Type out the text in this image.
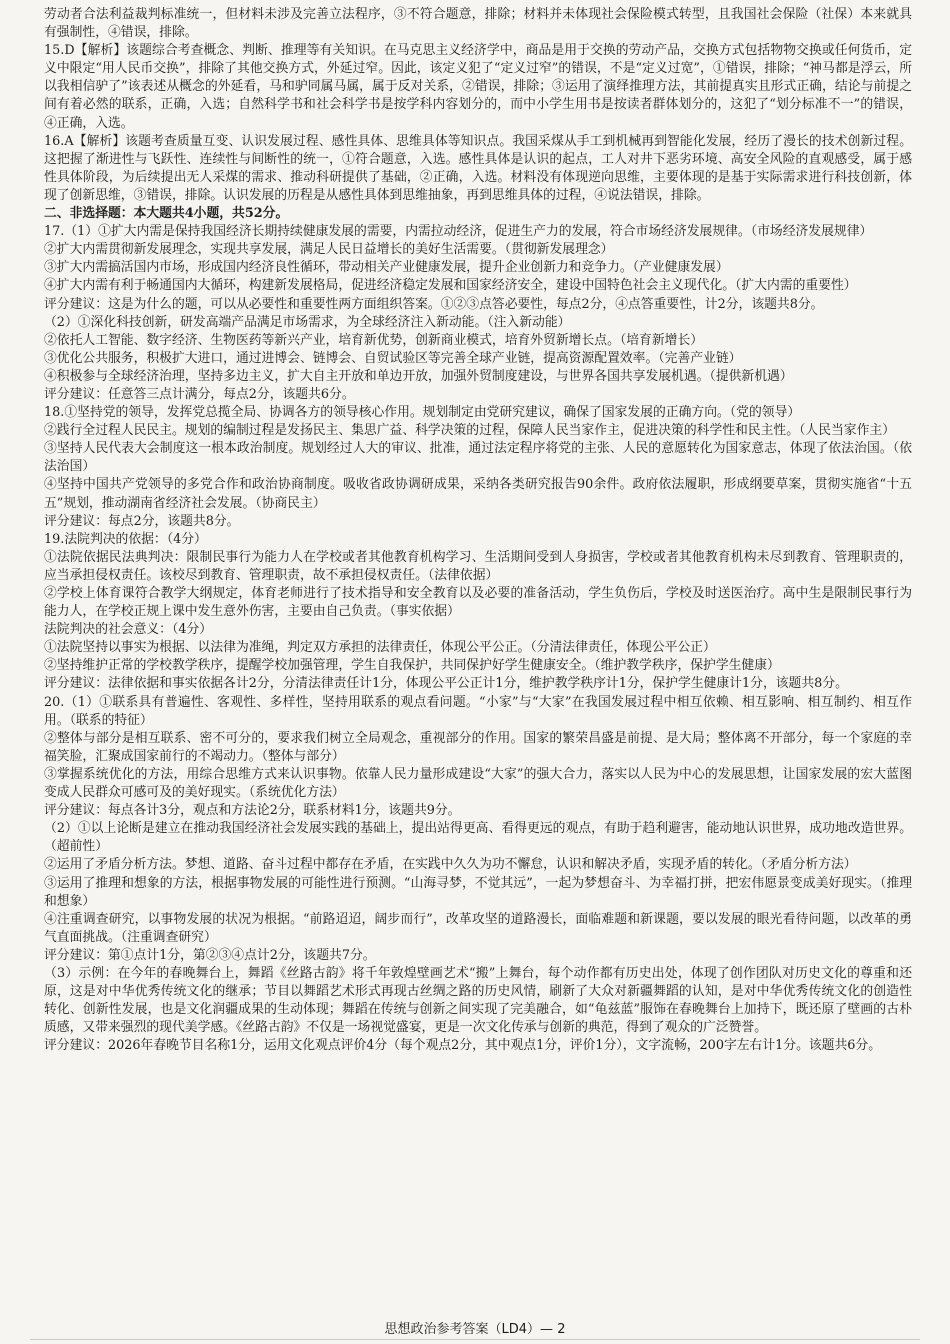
劳动者合法利益裁判标准统一，但材料未涉及完善立法程序，③不符合题意，排除；材料并未体现社会保险模式转型，且我国社会保险（社保）本来就具有强制性，④错误，排除。

15.D【解析】该题综合考查概念、判断、推理等有关知识。在马克思主义经济学中，商品是用于交换的劳动产品，交换方式包括物物交换或任何货币，定义中限定“用人民币交换”，排除了其他交换方式，外延过窄。因此，该定义犯了“定义过窄”的错误，不是“定义过宽”，①错误，排除；“神马都是浮云，所以我相信驴了”该表述从概念的外延看，马和驴同属马属，属于反对关系，②错误，排除；③运用了演绎推理方法，其前提真实且形式正确，结论与前提之间有着必然的联系，正确，入选；自然科学书和社会科学书是按学科内容划分的，而中小学生用书是按读者群体划分的，这犯了“划分标准不一”的错误，④正确，入选。

16.A【解析】该题考查质量互变、认识发展过程、感性具体、思维具体等知识点。我国采煤从手工到机械再到智能化发展，经历了漫长的技术创新过程。这把握了渐进性与飞跃性、连续性与间断性的统一，①符合题意，入选。感性具体是认识的起点，工人对井下恶劣环境、高安全风险的直观感受，属于感性具体阶段，为后续提出无人采煤的需求、推动科研提供了基础，②正确，入选。材料没有体现逆向思维，主要体现的是基于实际需求进行科技创新，体现了创新思维，③错误，排除。认识发展的历程是从感性具体到思维抽象，再到思维具体的过程，④说法错误，排除。

二、非选择题：本大题共4小题，共52分。

17.（1）①扩大内需是保持我国经济长期持续健康发展的需要，内需拉动经济，促进生产力的发展，符合市场经济发展规律。（市场经济发展规律）

②扩大内需贯彻新发展理念，实现共享发展，满足人民日益增长的美好生活需要。（贯彻新发展理念）

③扩大内需搞活国内市场，形成国内经济良性循环，带动相关产业健康发展，提升企业创新力和竞争力。（产业健康发展）

④扩大内需有利于畅通国内大循环，构建新发展格局，促进经济稳定发展和国家经济安全，建设中国特色社会主义现代化。（扩大内需的重要性）

评分建议：这是为什么的题，可以从必要性和重要性两方面组织答案。①②③点答必要性，每点2分，④点答重要性，计2分，该题共8分。

（2）①深化科技创新，研发高端产品满足市场需求，为全球经济注入新动能。（注入新动能）

②依托人工智能、数字经济、生物医药等新兴产业，培育新优势，创新商业模式，培育外贸新增长点。（培育新增长）

③优化公共服务，积极扩大进口，通过进博会、链博会、自贸试验区等完善全球产业链，提高资源配置效率。（完善产业链）

④积极参与全球经济治理，坚持多边主义，扩大自主开放和单边开放，加强外贸制度建设，与世界各国共享发展机遇。（提供新机遇）

评分建议：任意答三点计满分，每点2分，该题共6分。

18.①坚持党的领导，发挥党总揽全局、协调各方的领导核心作用。规划制定由党研究建议，确保了国家发展的正确方向。（党的领导）

②践行全过程人民民主。规划的编制过程是发扬民主、集思广益、科学决策的过程，保障人民当家作主，促进决策的科学性和民主性。（人民当家作主）

③坚持人民代表大会制度这一根本政治制度。规划经过人大的审议、批准，通过法定程序将党的主张、人民的意愿转化为国家意志，体现了依法治国。（依法治国）

④坚持中国共产党领导的多党合作和政治协商制度。吸收省政协调研成果，采纳各类研究报告90余件。政府依法履职，形成纲要草案，贯彻实施省“十五五”规划，推动湖南省经济社会发展。（协商民主）

评分建议：每点2分，该题共8分。

19.法院判决的依据：（4分）

①法院依据民法典判决：限制民事行为能力人在学校或者其他教育机构学习、生活期间受到人身损害，学校或者其他教育机构未尽到教育、管理职责的，应当承担侵权责任。该校尽到教育、管理职责，故不承担侵权责任。（法律依据）

②学校上体育课符合教学大纲规定，体育老师进行了技术指导和安全教育以及必要的准备活动，学生负伤后，学校及时送医治疗。高中生是限制民事行为能力人，在学校正规上课中发生意外伤害，主要由自己负责。（事实依据）

法院判决的社会意义：（4分）

①法院坚持以事实为根据、以法律为准绳，判定双方承担的法律责任，体现公平公正。（分清法律责任，体现公平公正）

②坚持维护正常的学校教学秩序，提醒学校加强管理，学生自我保护，共同保护好学生健康安全。（维护教学秩序，保护学生健康）

评分建议：法律依据和事实依据各计2分，分清法律责任计1分，体现公平公正计1分，维护教学秩序计1分，保护学生健康计1分，该题共8分。

20.（1）①联系具有普遍性、客观性、多样性，坚持用联系的观点看问题。“小家”与“大家”在我国发展过程中相互依赖、相互影响、相互制约、相互作用。（联系的特征）

②整体与部分是相互联系、密不可分的，要求我们树立全局观念，重视部分的作用。国家的繁荣昌盛是前提、是大局；整体离不开部分，每一个家庭的幸福笑脸，汇聚成国家前行的不竭动力。（整体与部分）

③掌握系统优化的方法，用综合思维方式来认识事物。依靠人民力量形成建设“大家”的强大合力，落实以人民为中心的发展思想，让国家发展的宏大蓝图变成人民群众可感可及的美好现实。（系统优化方法）

评分建议：每点各计3分，观点和方法论2分，联系材料1分，该题共9分。

（2）①以上论断是建立在推动我国经济社会发展实践的基础上，提出站得更高、看得更远的观点，有助于趋利避害，能动地认识世界，成功地改造世界。（超前性）

②运用了矛盾分析方法。梦想、道路、奋斗过程中都存在矛盾，在实践中久久为功不懈怠，认识和解决矛盾，实现矛盾的转化。（矛盾分析方法）

③运用了推理和想象的方法，根据事物发展的可能性进行预测。“山海寻梦，不觉其远”，一起为梦想奋斗、为幸福打拼，把宏伟愿景变成美好现实。（推理和想象）

④注重调查研究，以事物发展的状况为根据。“前路迢迢，阔步而行”，改革攻坚的道路漫长，面临难题和新课题，要以发展的眼光看待问题，以改革的勇气直面挑战。（注重调查研究）

评分建议：第①点计1分，第②③④点计2分，该题共7分。

（3）示例：在今年的春晚舞台上，舞蹈《丝路古韵》将千年敦煌壁画艺术“搬”上舞台，每个动作都有历史出处，体现了创作团队对历史文化的尊重和还原，这是对中华优秀传统文化的继承；节目以舞蹈艺术形式再现古丝绸之路的历史风情，刷新了大众对新疆舞蹈的认知，是对中华优秀传统文化的创造性转化、创新性发展，也是文化润疆成果的生动体现；舞蹈在传统与创新之间实现了完美融合，如“龟兹蓝”服饰在春晚舞台上加持下，既还原了壁画的古朴质感，又带来强烈的现代美学感。《丝路古韵》不仅是一场视觉盛宴，更是一次文化传承与创新的典范，得到了观众的广泛赞誉。

评分建议：2026年春晚节目名称1分，运用文化观点评价4分（每个观点2分，其中观点1分，评价1分），文字流畅，200字左右计1分。该题共6分。

思想政治参考答案（LD4）— 2
